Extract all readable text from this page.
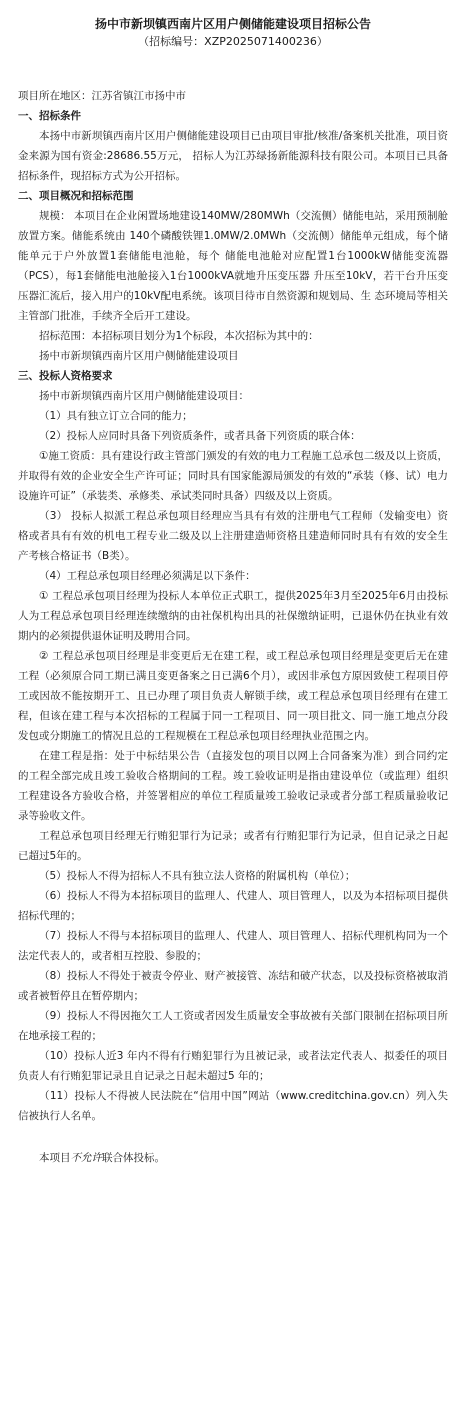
扬中市新坝镇西南片区用户侧储能建设项目招标公告
（招标编号：XZP2025071400236）

项目所在地区：江苏省镇江市扬中市

一、招标条件

本扬中市新坝镇西南片区用户侧储能建设项目已由项目审批/核准/备案机关批准，项目资金来源为国有资金:28686.55万元， 招标人为江苏绿扬新能源科技有限公司。本项目已具备招标条件，现招标方式为公开招标。

二、项目概况和招标范围

规模： 本项目在企业闲置场地建设140MW/280MWh（交流侧）储能电站，采用预制舱放置方案。储能系统由 140个磷酸铁锂1.0MW/2.0MWh（交流侧）储能单元组成，每个储能单元于户外放置1套储能电池舱，每个 储能电池舱对应配置1台1000kW储能变流器（PCS），每1套储能电池舱接入1台1000kVA就地升压变压器 升压至10kV，若干台升压变压器汇流后，接入用户的10kV配电系统。该项目待市自然资源和规划局、生 态环境局等相关主管部门批准，手续齐全后开工建设。

招标范围：本招标项目划分为1个标段，本次招标为其中的：

扬中市新坝镇西南片区用户侧储能建设项目

三、投标人资格要求

扬中市新坝镇西南片区用户侧储能建设项目：

（1）具有独立订立合同的能力；

（2）投标人应同时具备下列资质条件，或者具备下列资质的联合体：

①施工资质：具有建设行政主管部门颁发的有效的电力工程施工总承包二级及以上资质，并取得有效的企业安全生产许可证；同时具有国家能源局颁发的有效的“承装（修、试）电力设施许可证”（承装类、承修类、承试类同时具备）四级及以上资质。

（3） 投标人拟派工程总承包项目经理应当具有有效的注册电气工程师（发输变电）资格或者具有有效的机电工程专业二级及以上注册建造师资格且建造师同时具有有效的安全生产考核合格证书（B类）。

（4）工程总承包项目经理必须满足以下条件：

① 工程总承包项目经理为投标人本单位正式职工，提供2025年3月至2025年6月由投标人为工程总承包项目经理连续缴纳的由社保机构出具的社保缴纳证明，已退休仍在执业有效期内的必须提供退休证明及聘用合同。

② 工程总承包项目经理是非变更后无在建工程，或工程总承包项目经理是变更后无在建工程（必须原合同工期已满且变更备案之日已满6个月），或因非承包方原因致使工程项目停工或因故不能按期开工、且已办理了项目负责人解锁手续，或工程总承包项目经理有在建工程，但该在建工程与本次招标的工程属于同一工程项目、同一项目批文、同一施工地点分段发包或分期施工的情况且总的工程规模在工程总承包项目经理执业范围之内。

在建工程是指：处于中标结果公告（直接发包的项目以网上合同备案为准）到合同约定的工程全部完成且竣工验收合格期间的工程。竣工验收证明是指由建设单位（或监理）组织工程建设各方验收合格，并签署相应的单位工程质量竣工验收记录或者分部工程质量验收记录等验收文件。

工程总承包项目经理无行贿犯罪行为记录；或者有行贿犯罪行为记录，但自记录之日起已超过5年的。

（5）投标人不得为招标人不具有独立法人资格的附属机构（单位）；

（6）投标人不得为本招标项目的监理人、代建人、项目管理人，以及为本招标项目提供招标代理的；

（7）投标人不得与本招标项目的监理人、代建人、项目管理人、招标代理机构同为一个法定代表人的，或者相互控股、参股的；

（8）投标人不得处于被责令停业、财产被接管、冻结和破产状态，以及投标资格被取消或者被暂停且在暂停期内；

（9）投标人不得因拖欠工人工资或者因发生质量安全事故被有关部门限制在招标项目所在地承接工程的；

（10）投标人近3 年内不得有行贿犯罪行为且被记录，或者法定代表人、拟委任的项目负责人有行贿犯罪记录且自记录之日起未超过5 年的；

（11）投标人不得被人民法院在“信用中国”网站（www.creditchina.gov.cn）列入失信被执行人名单。

本项目不允许联合体投标。
